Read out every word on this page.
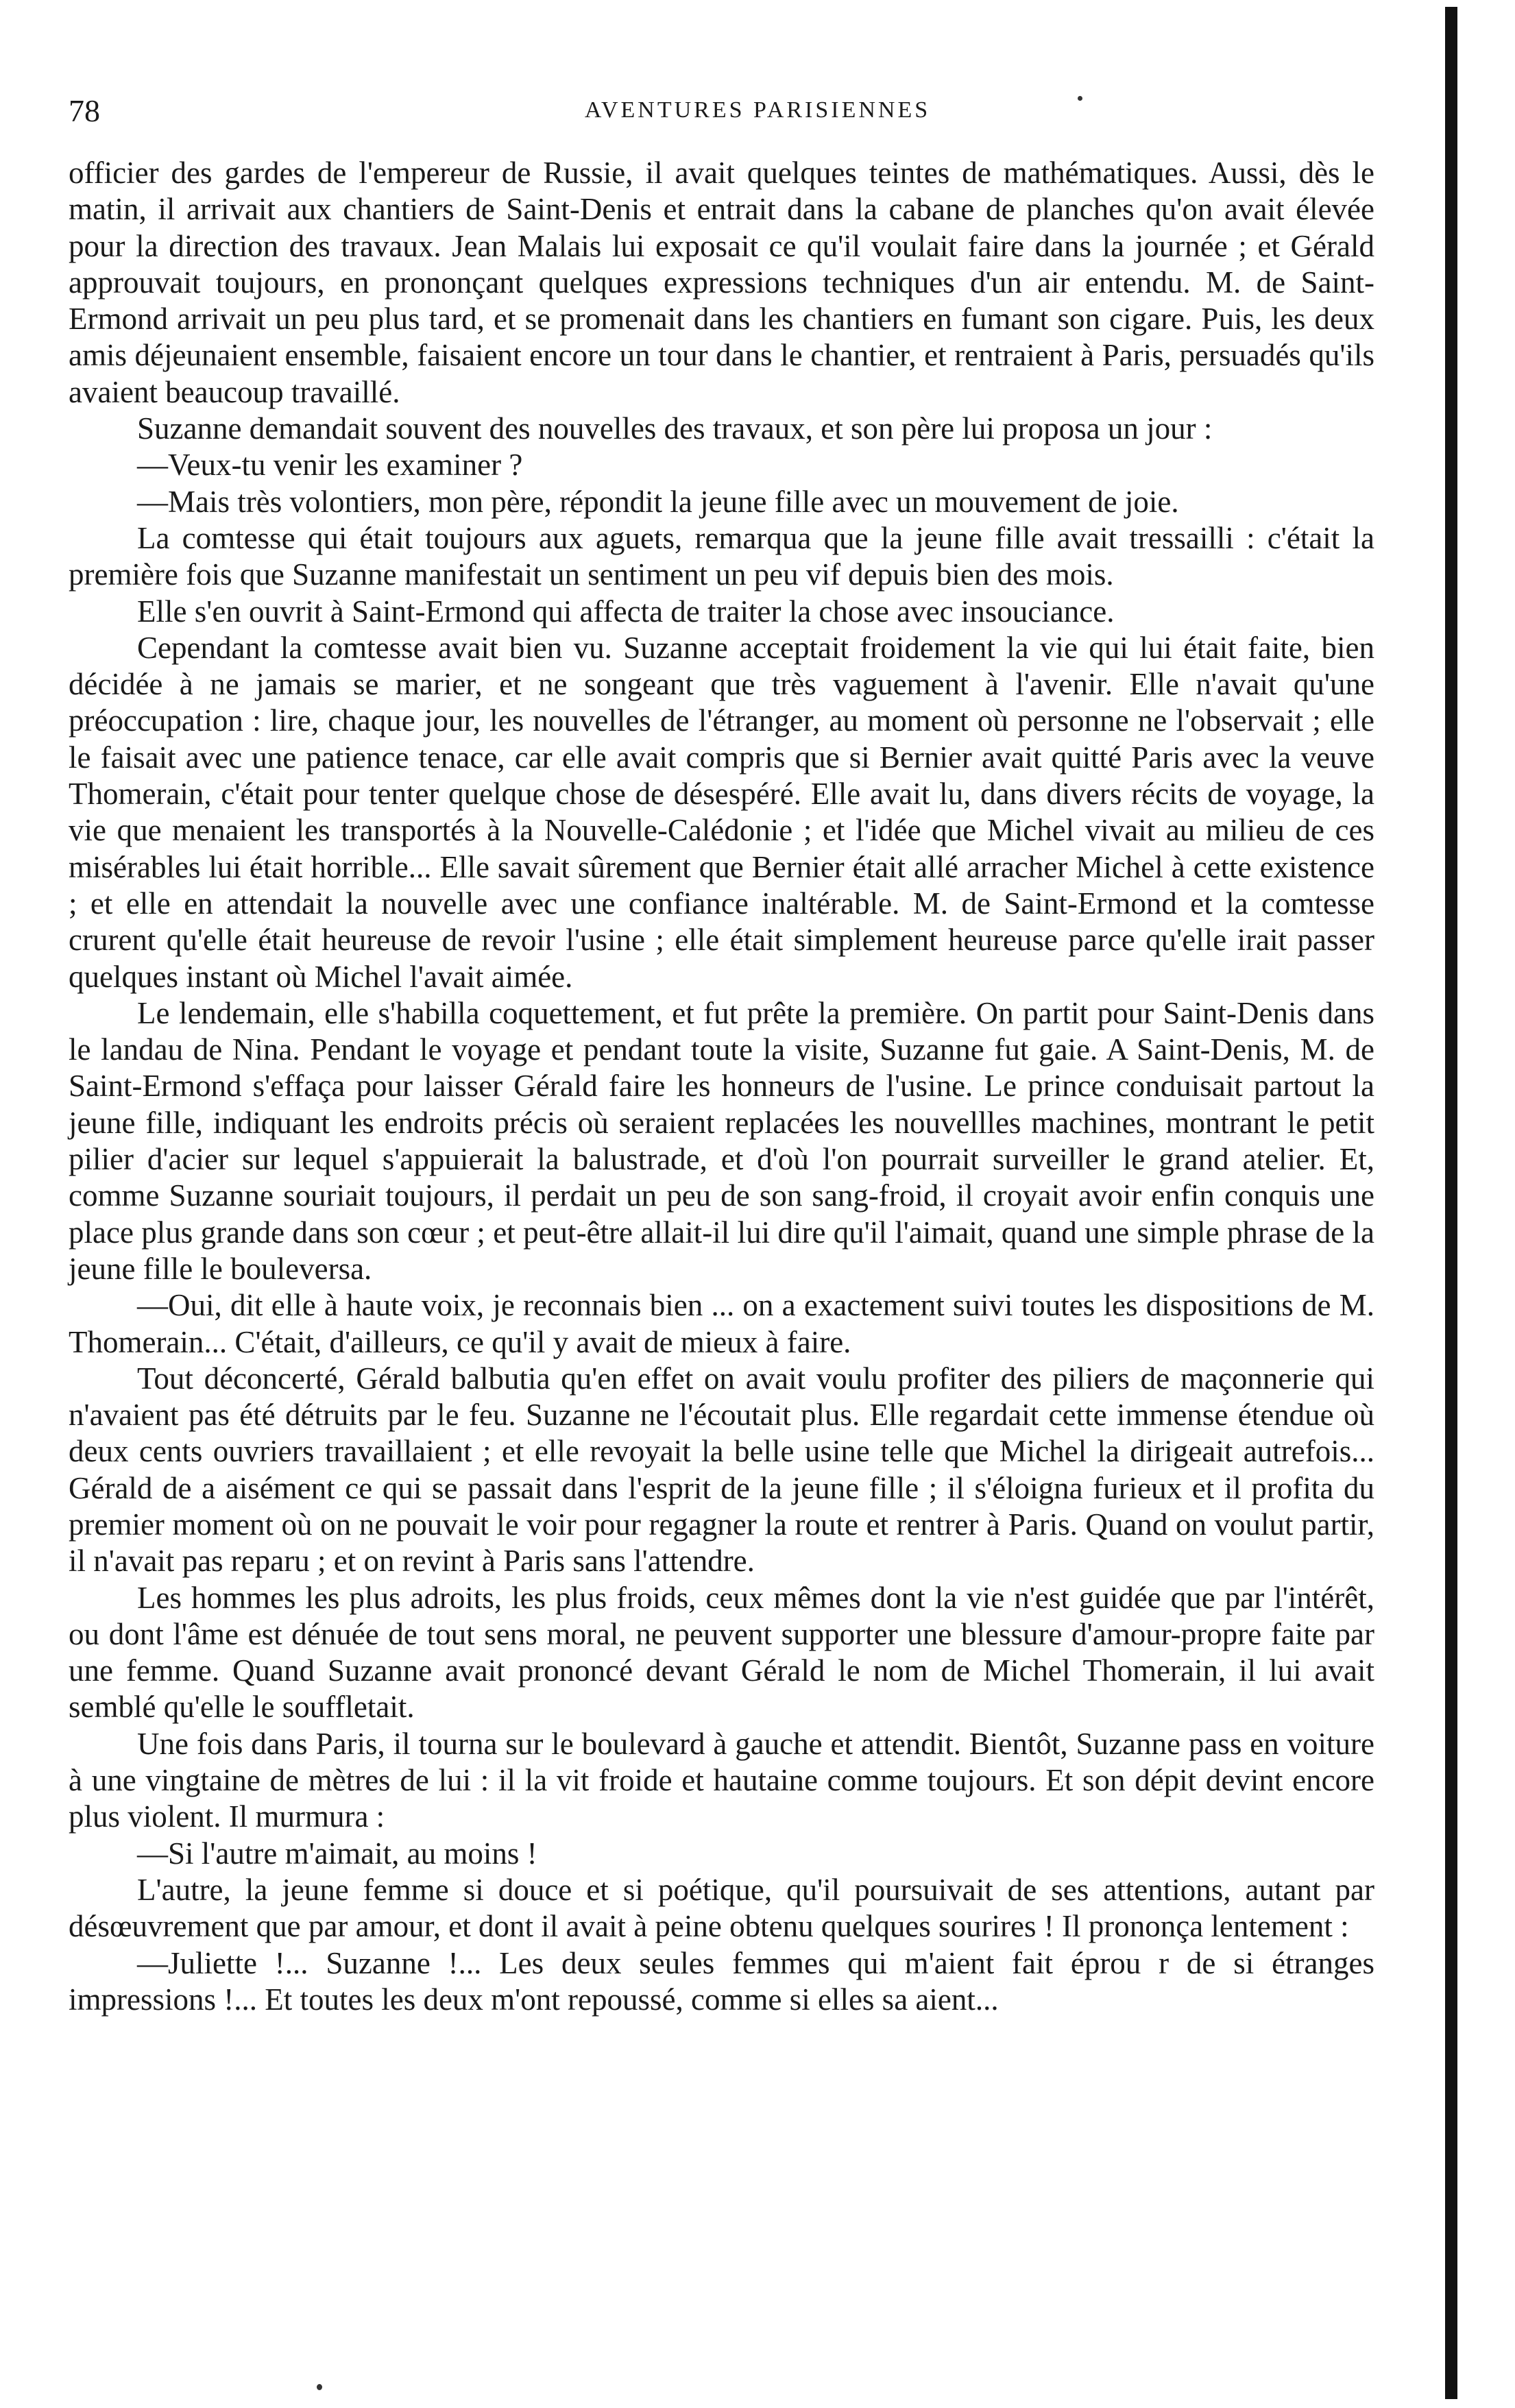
78	AVENTURES PARISIENNES

officier des gardes de l'empereur de Russie, il avait quelques teintes de mathématiques. Aussi, dès le matin, il arrivait aux chantiers de Saint-Denis et entrait dans la cabane de planches qu'on avait élevée pour la direction des travaux. Jean Malais lui exposait ce qu'il voulait faire dans la journée ; et Gérald approuvait toujours, en prononçant quelques expressions techniques d'un air entendu. M. de Saint-Ermond arrivait un peu plus tard, et se promenait dans les chantiers en fumant son cigare. Puis, les deux amis déjeunaient ensemble, faisaient encore un tour dans le chantier, et rentraient à Paris, persuadés qu'ils avaient beaucoup travaillé.

Suzanne demandait souvent des nouvelles des travaux, et son père lui proposa un jour :

—Veux-tu venir les examiner ?

—Mais très volontiers, mon père, répondit la jeune fille avec un mouvement de joie.

La comtesse qui était toujours aux aguets, remarqua que la jeune fille avait tressailli : c'était la première fois que Suzanne manifestait un sentiment un peu vif depuis bien des mois.

Elle s'en ouvrit à Saint-Ermond qui affecta de traiter la chose avec insouciance.

Cependant la comtesse avait bien vu. Suzanne acceptait froidement la vie qui lui était faite, bien décidée à ne jamais se marier, et ne songeant que très vaguement à l'avenir. Elle n'avait qu'une préoccupation : lire, chaque jour, les nouvelles de l'étranger, au moment où personne ne l'observait ; elle le faisait avec une patience tenace, car elle avait compris que si Bernier avait quitté Paris avec la veuve Thomerain, c'était pour tenter quelque chose de désespéré. Elle avait lu, dans divers récits de voyage, la vie que menaient les transportés à la Nouvelle-Calédonie ; et l'idée que Michel vivait au milieu de ces misérables lui était horrible... Elle savait sûrement que Bernier était allé arracher Michel à cette existence ; et elle en attendait la nouvelle avec une confiance inaltérable. M. de Saint-Ermond et la comtesse crurent qu'elle était heureuse de revoir l'usine ; elle était simplement heureuse parce qu'elle irait passer quelques instant où Michel l'avait aimée.

Le lendemain, elle s'habilla coquettement, et fut prête la première. On partit pour Saint-Denis dans le landau de Nina. Pendant le voyage et pendant toute la visite, Suzanne fut gaie. A Saint-Denis, M. de Saint-Ermond s'effaça pour laisser Gérald faire les honneurs de l'usine. Le prince conduisait partout la jeune fille, indiquant les endroits précis où seraient replacées les nouvellles machines, montrant le petit pilier d'acier sur lequel s'appuierait la balustrade, et d'où l'on pourrait surveiller le grand atelier. Et, comme Suzanne souriait toujours, il perdait un peu de son sang-froid, il croyait avoir enfin conquis une place plus grande dans son cœur ; et peut-être allait-il lui dire qu'il l'aimait, quand une simple phrase de la jeune fille le bouleversa.

—Oui, dit elle à haute voix, je reconnais bien ... on a exactement suivi toutes les dispositions de M. Thomerain... C'était, d'ailleurs, ce qu'il y avait de mieux à faire.

Tout déconcerté, Gérald balbutia qu'en effet on avait voulu profiter des piliers de maçonnerie qui n'avaient pas été détruits par le feu. Suzanne ne l'écoutait plus. Elle regardait cette immense étendue où deux cents ouvriers travaillaient ; et elle revoyait la belle usine telle que Michel la dirigeait autrefois... Gérald de a aisément ce qui se passait dans l'esprit de la jeune fille ; il s'éloigna furieux et il profita du premier moment où on ne pouvait le voir pour regagner la route et rentrer à Paris. Quand on voulut partir, il n'avait pas reparu ; et on revint à Paris sans l'attendre.

Les hommes les plus adroits, les plus froids, ceux mêmes dont la vie n'est guidée que par l'intérêt, ou dont l'âme est dénuée de tout sens moral, ne peuvent supporter une blessure d'amour-propre faite par une femme. Quand Suzanne avait prononcé devant Gérald le nom de Michel Thomerain, il lui avait semblé qu'elle le souffletait.

Une fois dans Paris, il tourna sur le boulevard à gauche et attendit. Bientôt, Suzanne pass en voiture à une vingtaine de mètres de lui : il la vit froide et hautaine comme toujours. Et son dépit devint encore plus violent. Il murmura :

—Si l'autre m'aimait, au moins !

L'autre, la jeune femme si douce et si poétique, qu'il poursuivait de ses attentions, autant par désœuvrement que par amour, et dont il avait à peine obtenu quelques sourires ! Il prononça lentement :

—Juliette !... Suzanne !... Les deux seules femmes qui m'aient fait éprou r de si étranges impressions !... Et toutes les deux m'ont repoussé, comme si elles sa aient...
